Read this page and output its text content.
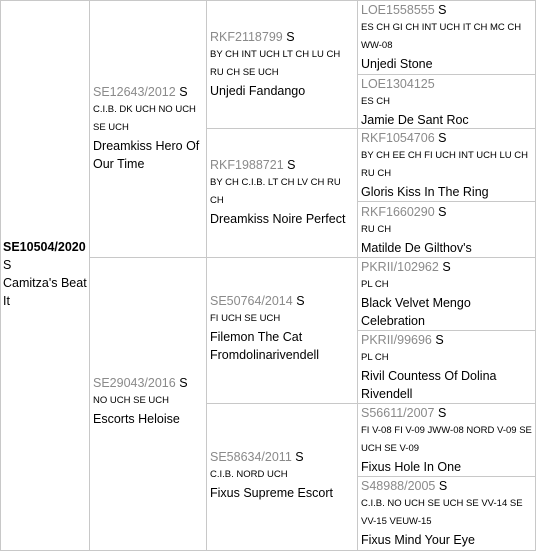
SE10504/2020
S
Camitza's Beat It
SE12643/2012 S
C.I.B. DK UCH NO UCH SE UCH
Dreamkiss Hero Of Our Time
SE29043/2016 S
NO UCH SE UCH
Escorts Heloise
RKF2118799 S
BY CH INT UCH LT CH LU CH RU CH SE UCH
Unjedi Fandango
RKF1988721 S
BY CH C.I.B. LT CH LV CH RU CH
Dreamkiss Noire Perfect
SE50764/2014 S
FI UCH SE UCH
Filemon The Cat Fromdolinarivendell
SE58634/2011 S
C.I.B. NORD UCH
Fixus Supreme Escort
LOE1558555 S
ES CH GI CH INT UCH IT CH MC CH WW-08
Unjedi Stone
LOE1304125
ES CH
Jamie De Sant Roc
RKF1054706 S
BY CH EE CH FI UCH INT UCH LU CH RU CH
Gloris Kiss In The Ring
RKF1660290 S
RU CH
Matilde De Gilthov's
PKRII/102962 S
PL CH
Black Velvet Mengo Celebration
PKRII/99696 S
PL CH
Rivil Countess Of Dolina Rivendell
S56611/2007 S
FI V-08 FI V-09 JWW-08 NORD V-09 SE UCH SE V-09
Fixus Hole In One
S48988/2005 S
C.I.B. NO UCH SE UCH SE VV-14 SE VV-15 VEUW-15
Fixus Mind Your Eye
